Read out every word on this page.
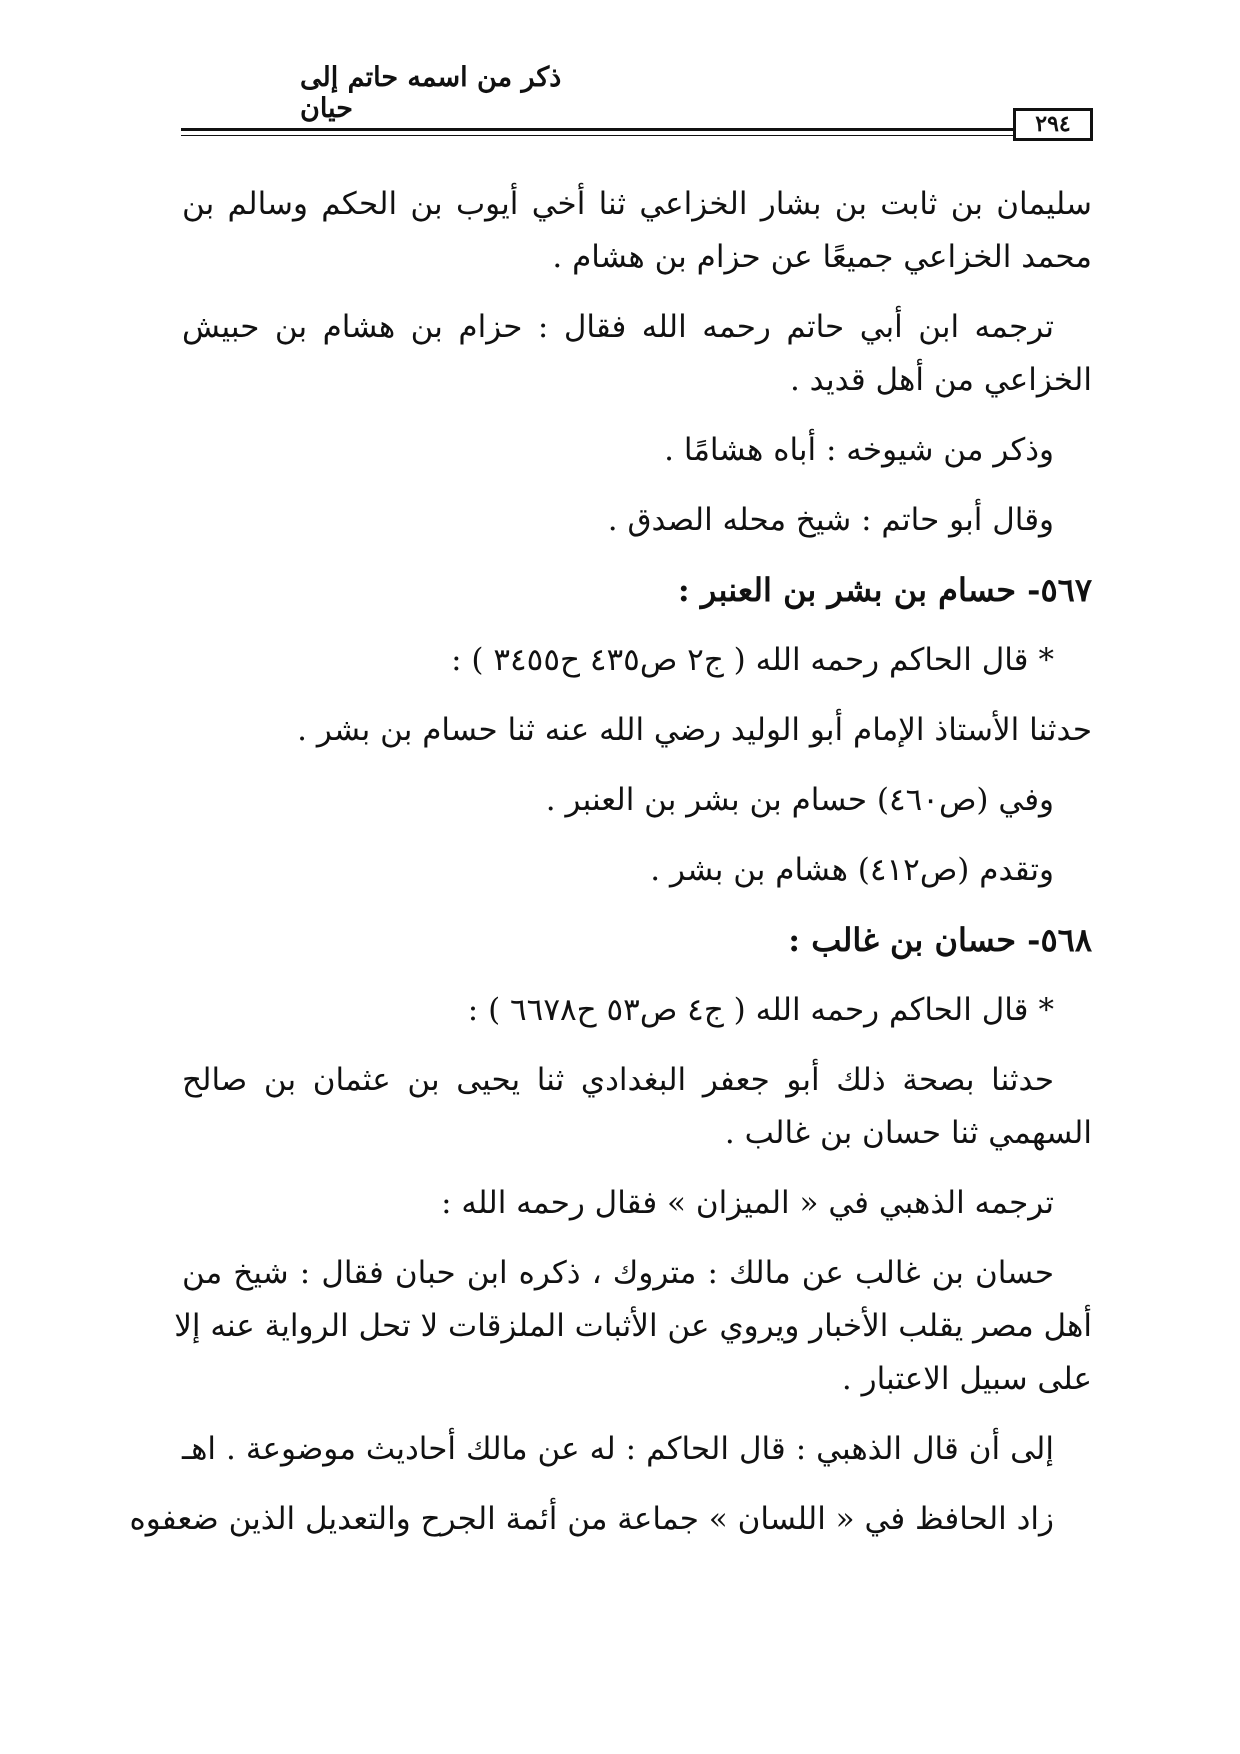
ذكر من اسمه حاتم إلى حيان	٢٩٤
سليمان بن ثابت بن بشار الخزاعي ثنا أخي أيوب بن الحكم وسالم بن
محمد الخزاعي جميعًا عن حزام بن هشام .
ترجمه ابن أبي حاتم رحمه الله فقال : حزام بن هشام بن حبيش
الخزاعي من أهل قديد .
وذكر من شيوخه : أباه هشامًا .
وقال أبو حاتم : شيخ محله الصدق .
٥٦٧- حسام بن بشر بن العنبر :
*قال الحاكم رحمه الله ( ج٢ ص٤٣٥ ح٣٤٥٥ ) :
حدثنا الأستاذ الإمام أبو الوليد رضي الله عنه ثنا حسام بن بشر .
وفي (ص٤٦٠) حسام بن بشر بن العنبر .
وتقدم (ص٤١٢) هشام بن بشر .
٥٦٨- حسان بن غالب :
*قال الحاكم رحمه الله ( ج٤ ص٥٣ ح٦٦٧٨ ) :
حدثنا بصحة ذلك أبو جعفر البغدادي ثنا يحيى بن عثمان بن صالح
السهمي ثنا حسان بن غالب .
ترجمه الذهبي في « الميزان » فقال رحمه الله :
حسان بن غالب عن مالك : متروك ، ذكره ابن حبان فقال : شيخ من
أهل مصر يقلب الأخبار ويروي عن الأثبات الملزقات لا تحل الرواية عنه إلا
على سبيل الاعتبار .
إلى أن قال الذهبي : قال الحاكم : له عن مالك أحاديث موضوعة . اهـ
زاد الحافظ في « اللسان » جماعة من أئمة الجرح والتعديل الذين ضعفوه
